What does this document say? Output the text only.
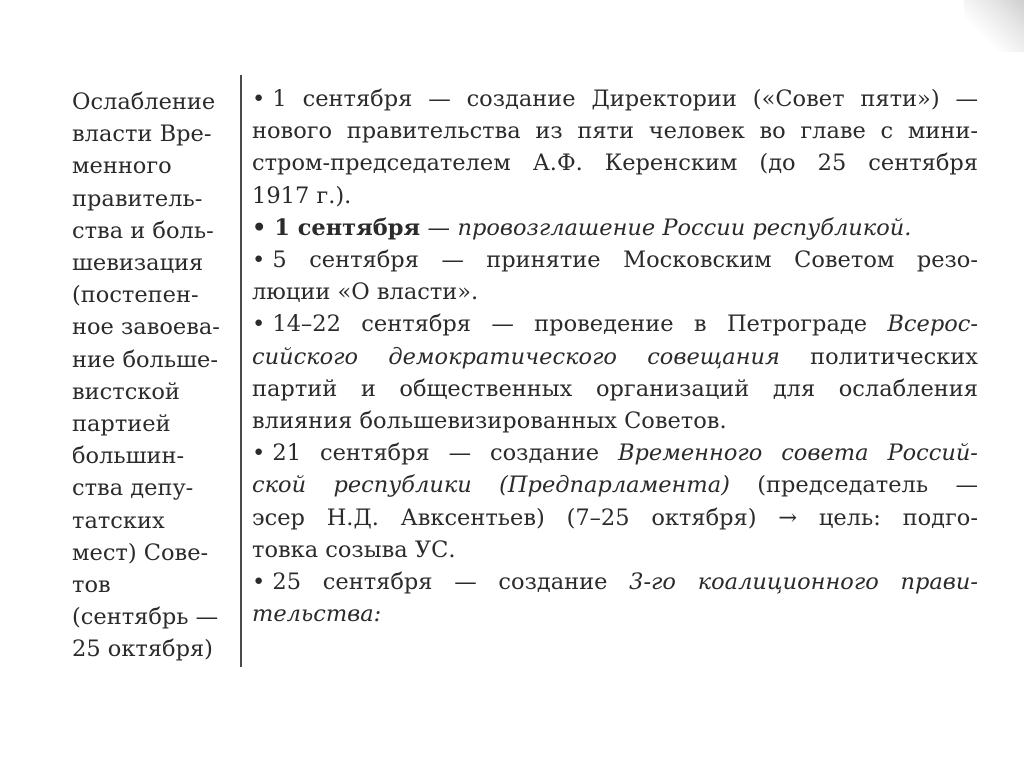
Ослабление
власти Вре-
менного
правитель-
ства и боль-
шевизация
(постепен-
ное завоева-
ние больше-
вистской
партией
большин-
ства депу-
татских
мест) Сове-
тов
(сентябрь —
25 октября)
• 1 сентября — создание Директории («Совет пяти») —
нового правительства из пяти человек во главе с мини-
стром-председателем А.Ф. Керенским (до 25 сентября
1917 г.).
• 1 сентября — провозглашение России республикой.
• 5 сентября — принятие Московским Советом резо-
люции «О власти».
• 14–22 сентября — проведение в Петрограде Всерос-
сийского демократического совещания политических
партий и общественных организаций для ослабления
влияния большевизированных Советов.
• 21 сентября — создание Временного совета Россий-
ской республики (Предпарламента) (председатель —
эсер Н.Д. Авксентьев) (7–25 октября) → цель: подго-
товка созыва УС.
• 25 сентября — создание 3-го коалиционного прави-
тельства:
